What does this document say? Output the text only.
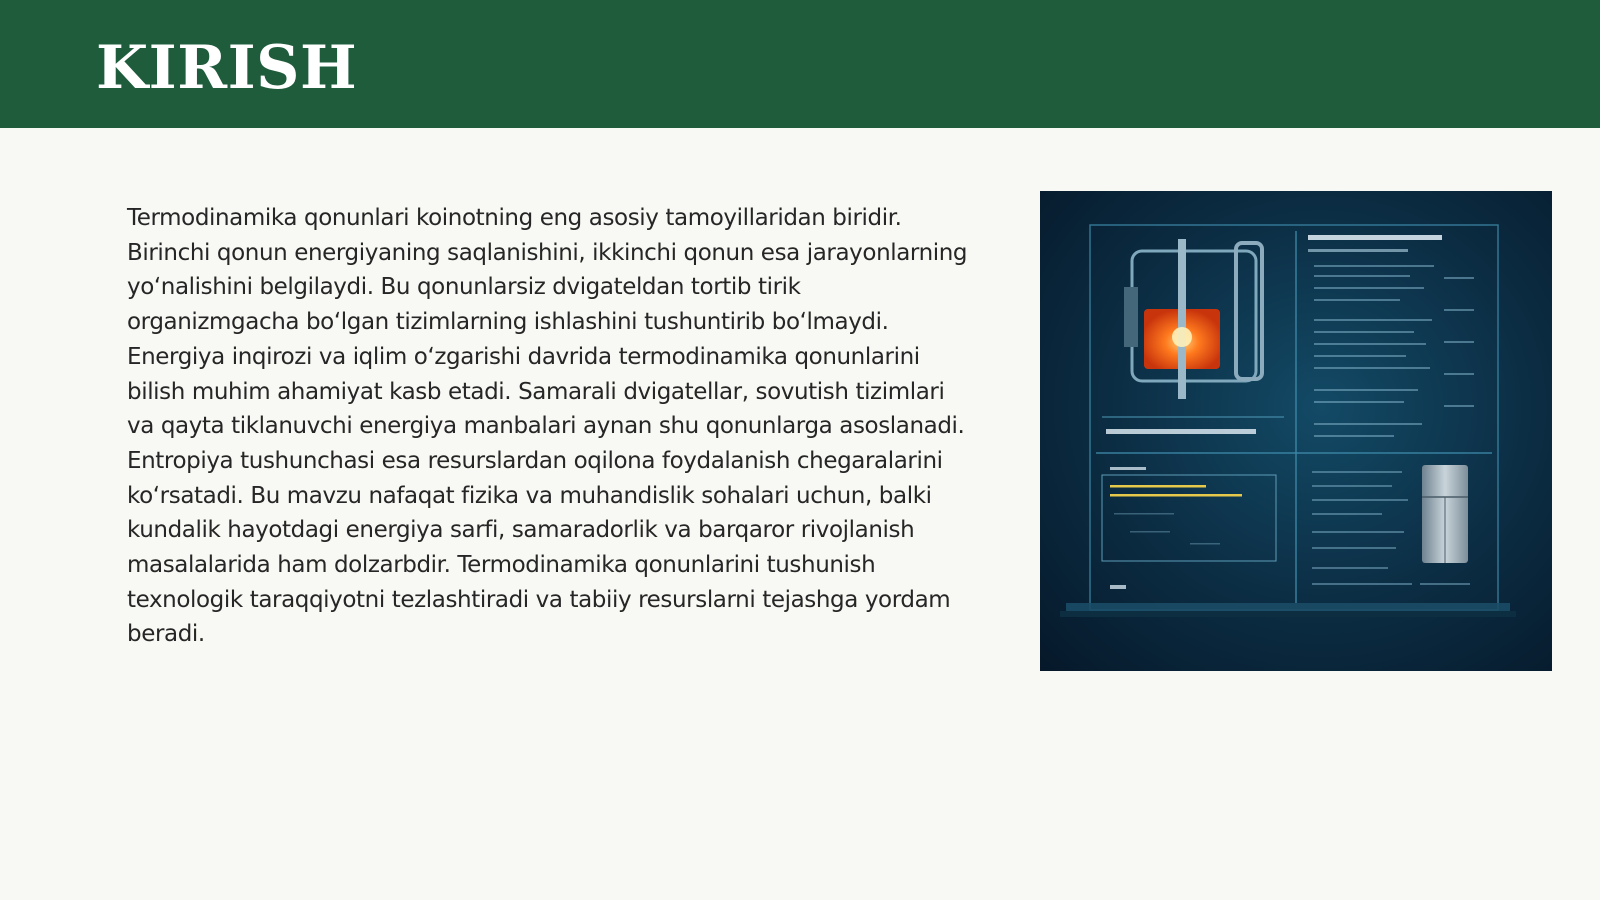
KIRISH

Termodinamika qonunlari koinotning eng asosiy tamoyillaridan biridir. Birinchi qonun energiyaning saqlanishini, ikkinchi qonun esa jarayonlarning yoʻnalishini belgilaydi. Bu qonunlarsiz dvigateldan tortib tirik organizmgacha boʻlgan tizimlarning ishlashini tushuntirib boʻlmaydi. Energiya inqirozi va iqlim oʻzgarishi davrida termodinamika qonunlarini bilish muhim ahamiyat kasb etadi. Samarali dvigatellar, sovutish tizimlari va qayta tiklanuvchi energiya manbalari aynan shu qonunlarga asoslanadi. Entropiya tushunchasi esa resurslardan oqilona foydalanish chegaralarini koʻrsatadi. Bu mavzu nafaqat fizika va muhandislik sohalari uchun, balki kundalik hayotdagi energiya sarfi, samaradorlik va barqaror rivojlanish masalalarida ham dolzarbdir. Termodinamika qonunlarini tushunish texnologik taraqqiyotni tezlashtiradi va tabiiy resurslarni tejashga yordam beradi.
